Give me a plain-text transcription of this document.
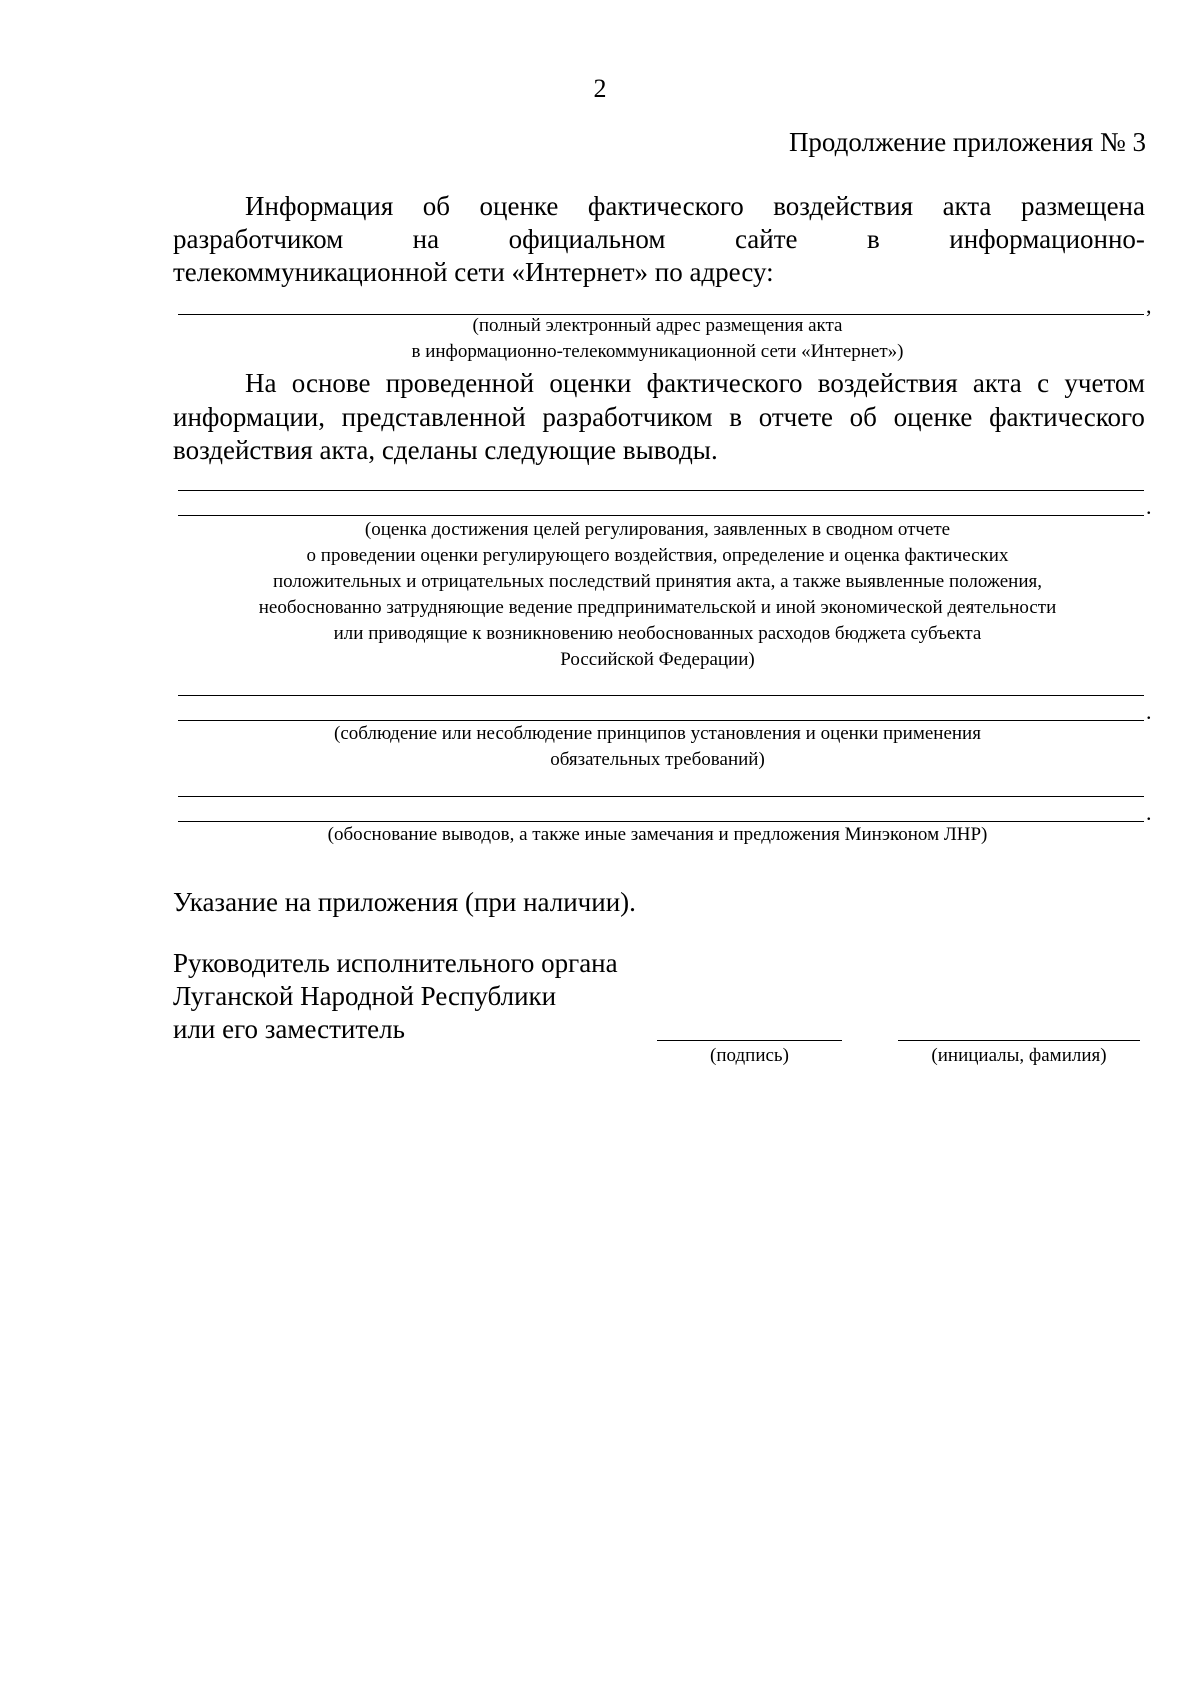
2
Продолжение приложения № 3
Информация об оценке фактического воздействия акта размещена
разработчиком	на	официальном	сайте	в	информационно-
телекоммуникационной сети «Интернет» по адресу:
,
(полный электронный адрес размещения акта
в информационно-телекоммуникационной сети «Интернет»)
На основе проведенной оценки фактического воздействия акта с учетом
информации, представленной разработчиком в отчете об оценке фактического
воздействия акта, сделаны следующие выводы.
.
(оценка достижения целей регулирования, заявленных в сводном отчете
о проведении оценки регулирующего воздействия, определение и оценка фактических
положительных и отрицательных последствий принятия акта, а также выявленные положения,
необоснованно затрудняющие ведение предпринимательской и иной экономической деятельности
или приводящие к возникновению необоснованных расходов бюджета субъекта
Российской Федерации)
.
(соблюдение или несоблюдение принципов установления и оценки применения
обязательных требований)
.
(обоснование выводов, а также иные замечания и предложения Минэконом ЛНР)
Указание на приложения (при наличии).
Руководитель исполнительного органа
Луганской Народной Республики
или его заместитель
(подпись)	(инициалы, фамилия)
